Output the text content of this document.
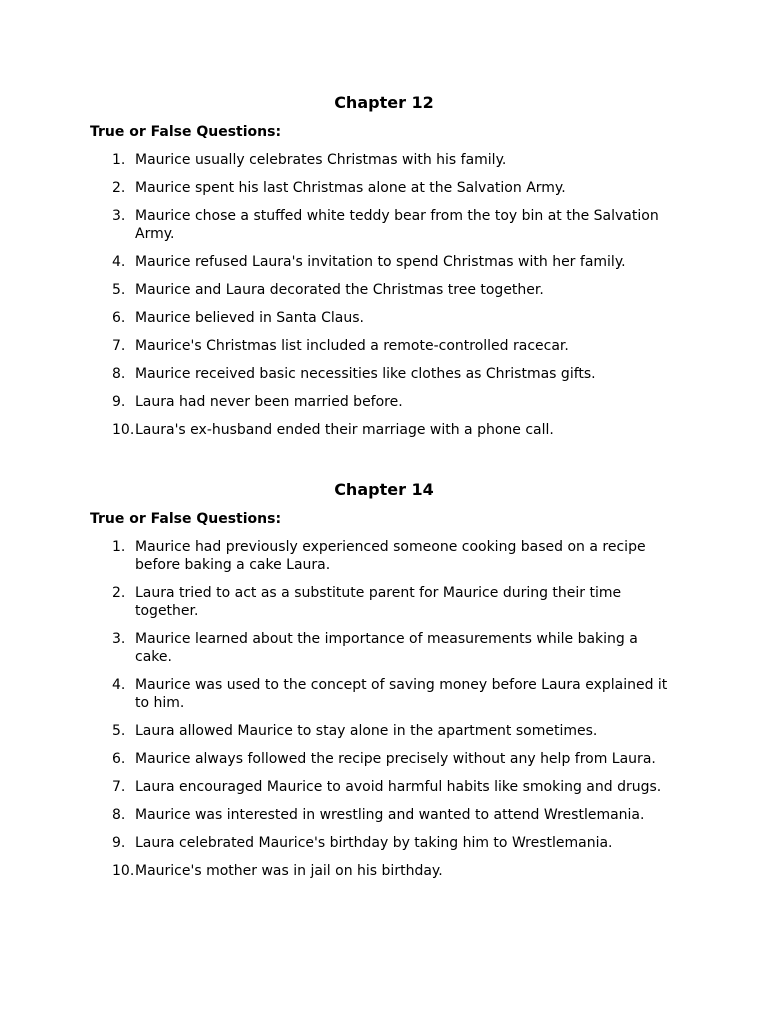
Chapter 12

True or False Questions:

1. Maurice usually celebrates Christmas with his family.
2. Maurice spent his last Christmas alone at the Salvation Army.
3. Maurice chose a stuffed white teddy bear from the toy bin at the Salvation Army.
4. Maurice refused Laura's invitation to spend Christmas with her family.
5. Maurice and Laura decorated the Christmas tree together.
6. Maurice believed in Santa Claus.
7. Maurice's Christmas list included a remote-controlled racecar.
8. Maurice received basic necessities like clothes as Christmas gifts.
9. Laura had never been married before.
10. Laura's ex-husband ended their marriage with a phone call.
Chapter 14

True or False Questions:

1. Maurice had previously experienced someone cooking based on a recipe before baking a cake Laura.
2. Laura tried to act as a substitute parent for Maurice during their time together.
3. Maurice learned about the importance of measurements while baking a cake.
4. Maurice was used to the concept of saving money before Laura explained it to him.
5. Laura allowed Maurice to stay alone in the apartment sometimes.
6. Maurice always followed the recipe precisely without any help from Laura.
7. Laura encouraged Maurice to avoid harmful habits like smoking and drugs.
8. Maurice was interested in wrestling and wanted to attend Wrestlemania.
9. Laura celebrated Maurice's birthday by taking him to Wrestlemania.
10. Maurice's mother was in jail on his birthday.
